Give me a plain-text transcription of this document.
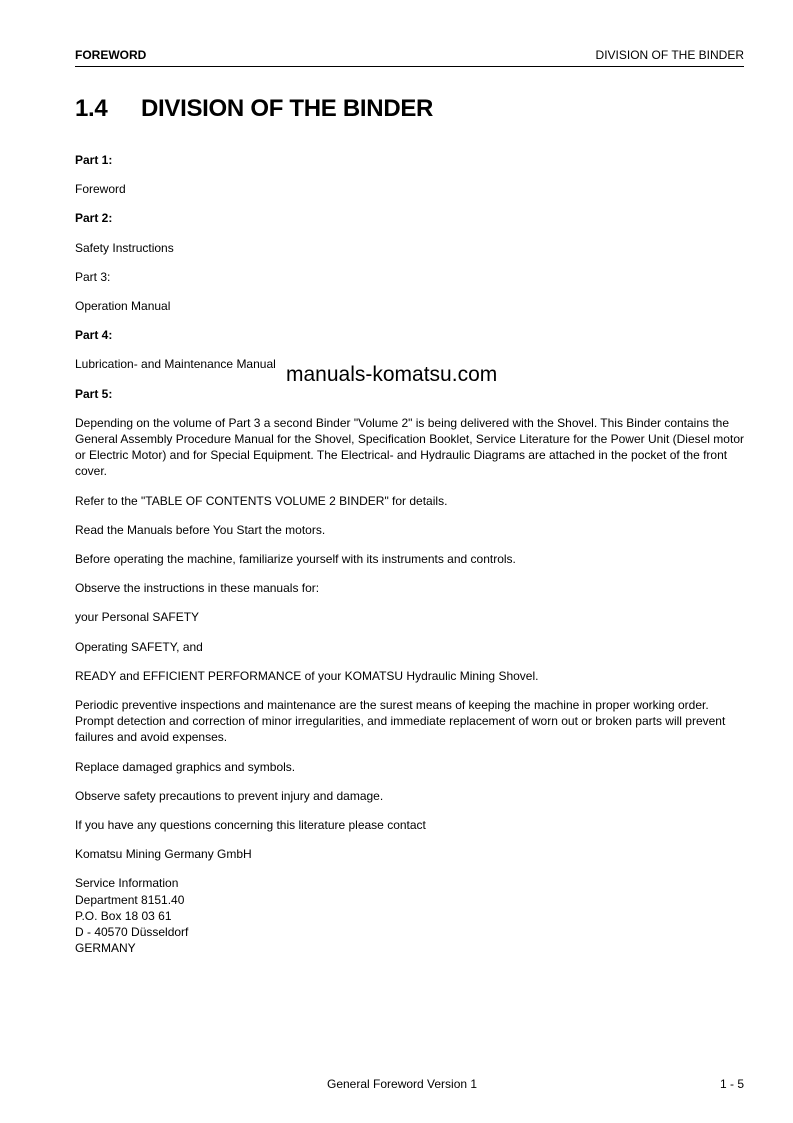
FOREWORD	DIVISION OF THE BINDER
1.4	DIVISION OF THE BINDER

Part 1:

Foreword

Part 2:

Safety Instructions

Part 3:

Operation Manual

Part 4:

Lubrication- and Maintenance Manual

Part 5:

Depending on the volume of Part 3 a second Binder "Volume 2" is being delivered with the Shovel. This Binder contains the General Assembly Procedure Manual for the Shovel, Specification Booklet, Service Literature for the Power Unit (Diesel motor or Electric Motor) and for Special Equipment. The Electrical- and Hydraulic Diagrams are attached in the pocket of the front cover.

Refer to the "TABLE OF CONTENTS VOLUME 2 BINDER" for details.

Read the Manuals before You Start the motors.

Before operating the machine, familiarize yourself with its instruments and controls.

Observe the instructions in these manuals for:

your Personal SAFETY

Operating SAFETY, and

READY and EFFICIENT PERFORMANCE of your KOMATSU Hydraulic Mining Shovel.

Periodic preventive inspections and maintenance are the surest means of keeping the machine in proper working order. Prompt detection and correction of minor irregularities, and immediate replacement of worn out or broken parts will prevent failures and avoid expenses.

Replace damaged graphics and symbols.

Observe safety precautions to prevent injury and damage.

If you have any questions concerning this literature please contact

Komatsu Mining Germany GmbH

Service Information

Department 8151.40

P.O. Box 18 03 61

D - 40570 Düsseldorf

GERMANY

manuals-komatsu.com
General Foreword Version 1	1 - 5
